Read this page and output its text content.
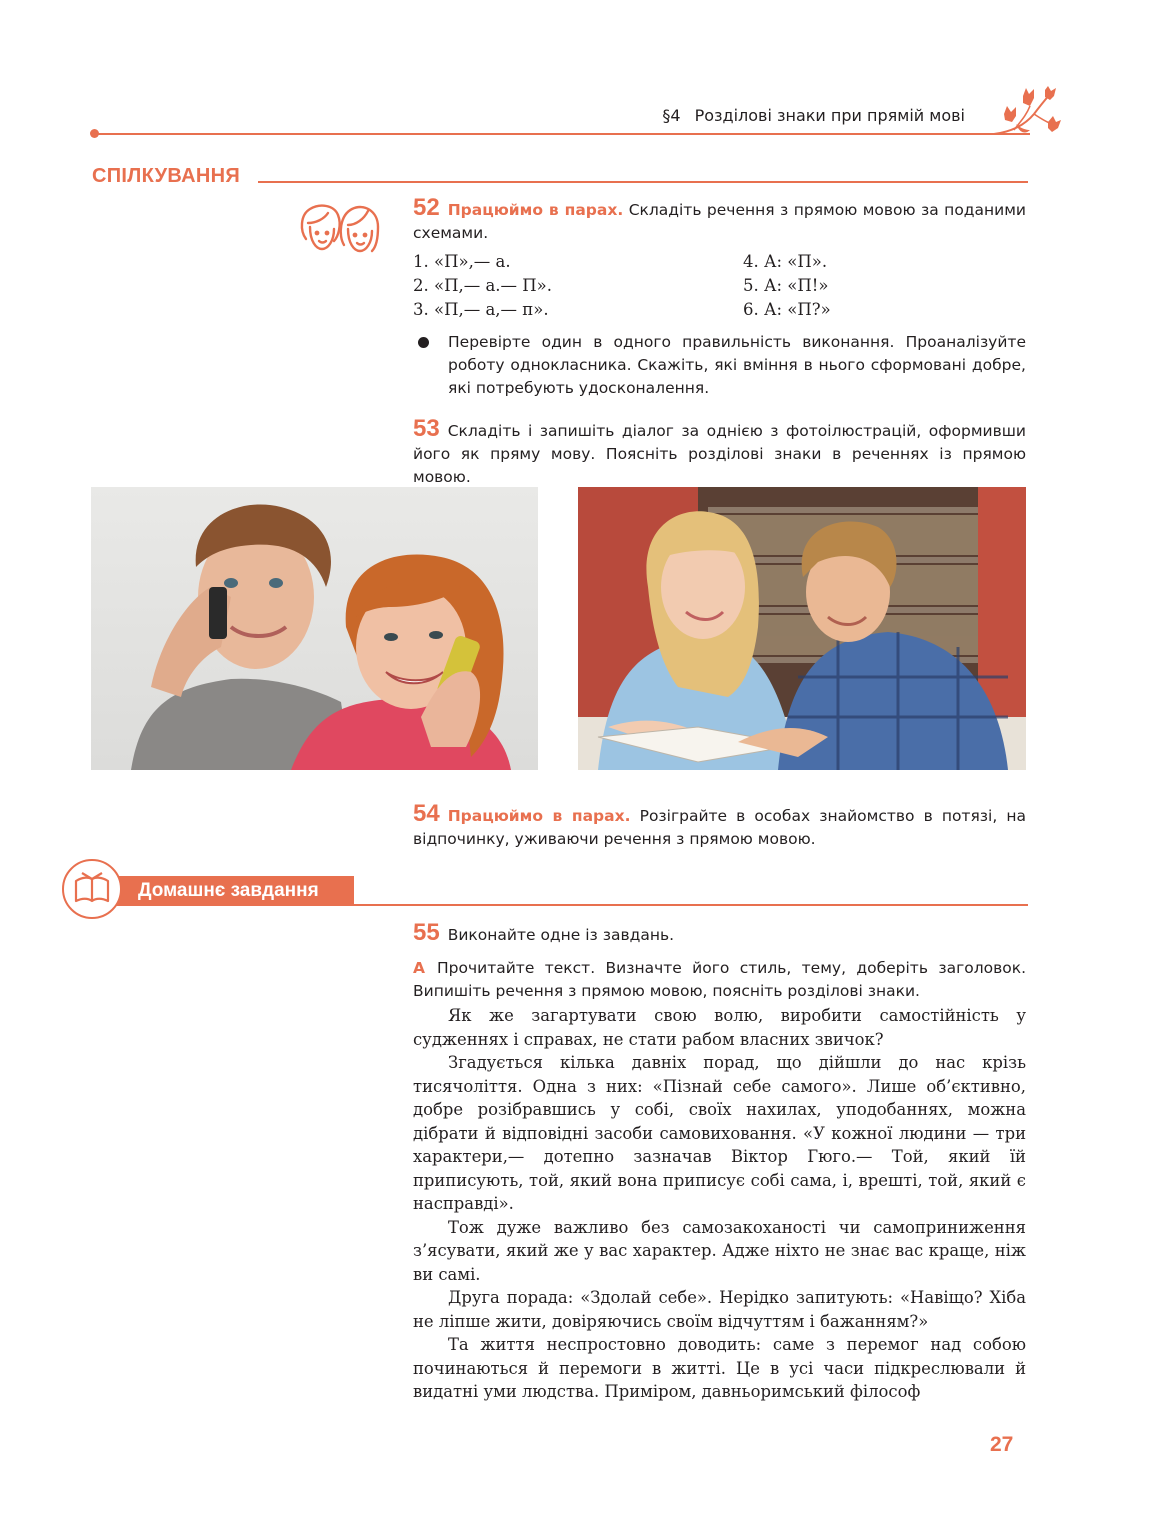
§4 Розділові знаки при прямій мові
СПІЛКУВАННЯ
52 Працюймо в парах. Складіть речення з прямою мовою за поданими схемами.
1. «П»,— а.
2. «П,— а.— П».
3. «П,— а,— п».
4. А: «П».
5. А: «П!»
6. А: «П?»
Перевірте один в одного правильність виконання. Проаналізуйте роботу однокласника. Скажіть, які вміння в нього сформовані добре, які потребують удосконалення.
53 Складіть і запишіть діалог за однією з фотоілюстрацій, оформивши його як пряму мову. Поясніть розділові знаки в реченнях із прямою мовою.
54 Працюймо в парах. Розіграйте в особах знайомство в потязі, на відпочинку, уживаючи речення з прямою мовою.
Домашнє завдання
55 Виконайте одне із завдань.
А Прочитайте текст. Визначте його стиль, тему, доберіть заголовок. Випишіть речення з прямою мовою, поясніть розділові знаки.

Як же загартувати свою волю, виробити самостійність у судженнях і справах, не стати рабом власних звичок?

Згадується кілька давніх порад, що дійшли до нас крізь тисячоліття. Одна з них: «Пізнай себе самого». Лише об’єктивно, добре розібравшись у собі, своїх нахилах, уподобаннях, можна дібрати й відповідні засоби самовиховання. «У кожної людини — три характери,— дотепно зазначав Віктор Гюго.— Той, який їй приписують, той, який вона приписує собі сама, і, врешті, той, який є насправді».

Тож дуже важливо без самозакоханості чи самоприниження з’ясувати, який же у вас характер. Адже ніхто не знає вас краще, ніж ви самі.

Друга порада: «Здолай себе». Нерідко запитують: «Навіщо? Хіба не ліпше жити, довіряючись своїм відчуттям і бажанням?»

Та життя неспростовно доводить: саме з перемог над собою починаються й перемоги в житті. Це в усі часи підкреслювали й видатні уми людства. Приміром, давньоримський філософ

27
